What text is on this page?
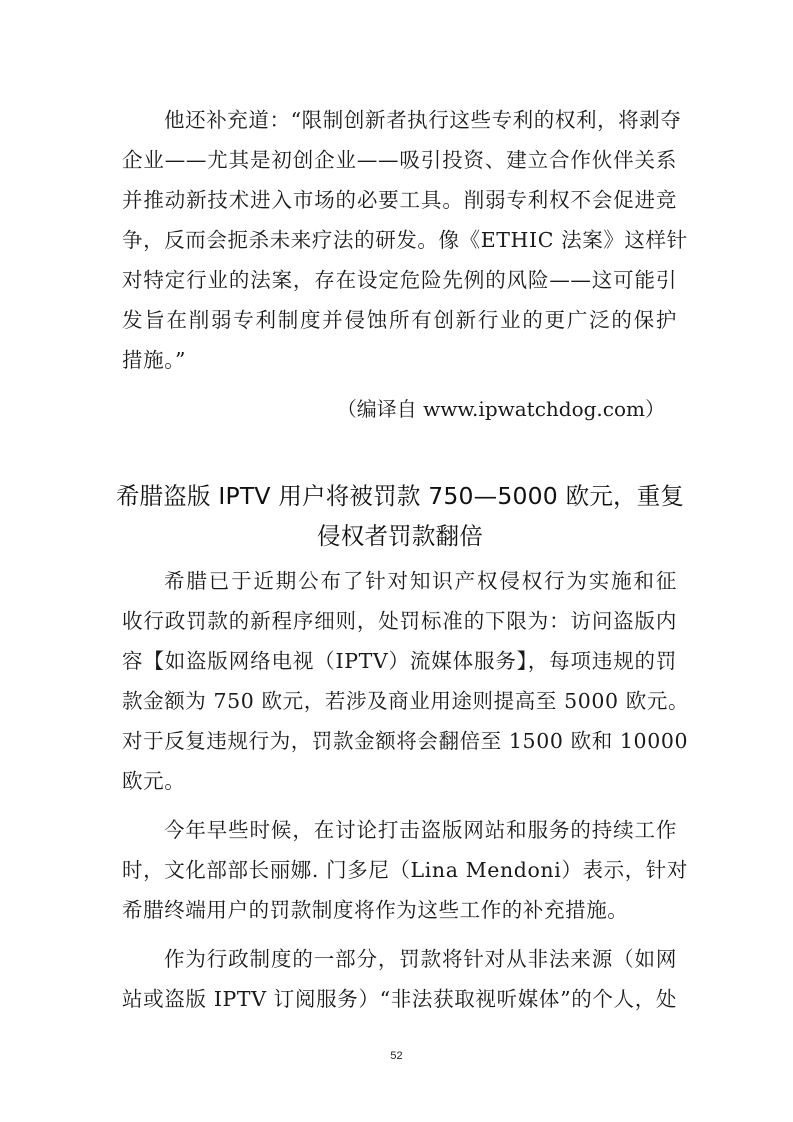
他还补充道：“限制创新者执行这些专利的权利，将剥夺
企业——尤其是初创企业——吸引投资、建立合作伙伴关系
并推动新技术进入市场的必要工具。削弱专利权不会促进竞
争，反而会扼杀未来疗法的研发。像《ETHIC 法案》这样针
对特定行业的法案，存在设定危险先例的风险——这可能引
发旨在削弱专利制度并侵蚀所有创新行业的更广泛的保护
措施。”
（编译自 www.ipwatchdog.com）
希腊盗版 IPTV 用户将被罚款 750—5000 欧元，重复
侵权者罚款翻倍
希腊已于近期公布了针对知识产权侵权行为实施和征
收行政罚款的新程序细则，处罚标准的下限为：访问盗版内
容【如盗版网络电视（IPTV）流媒体服务】，每项违规的罚
款金额为 750 欧元，若涉及商业用途则提高至 5000 欧元。
对于反复违规行为，罚款金额将会翻倍至 1500 欧和 10000
欧元。
今年早些时候，在讨论打击盗版网站和服务的持续工作
时，文化部部长丽娜. 门多尼（Lina Mendoni）表示，针对
希腊终端用户的罚款制度将作为这些工作的补充措施。
作为行政制度的一部分，罚款将针对从非法来源（如网
站或盗版 IPTV 订阅服务）“非法获取视听媒体”的个人，处
52
